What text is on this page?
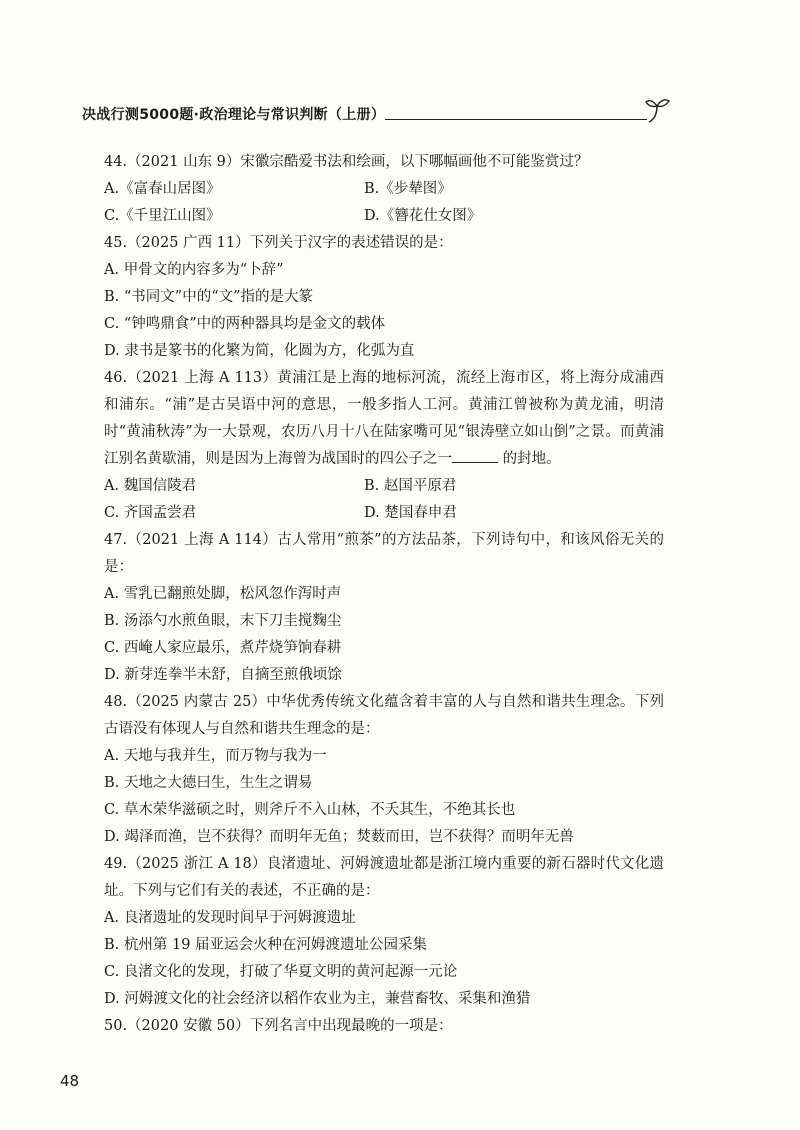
决战行测5000题·政治理论与常识判断（上册）

44.（2021 山东 9）宋徽宗酷爱书法和绘画，以下哪幅画他不可能鉴赏过？

A.《富春山居图》	B.《步辇图》
C.《千里江山图》	D.《簪花仕女图》

45.（2025 广西 11）下列关于汉字的表述错误的是：

A. 甲骨文的内容多为“卜辞”

B. “书同文”中的“文”指的是大篆

C. “钟鸣鼎食”中的两种器具均是金文的载体

D. 隶书是篆书的化繁为简，化圆为方，化弧为直

46.（2021 上海 A 113）黄浦江是上海的地标河流，流经上海市区，将上海分成浦西和浦东。“浦”是古吴语中河的意思，一般多指人工河。黄浦江曾被称为黄龙浦，明清时“黄浦秋涛”为一大景观，农历八月十八在陆家嘴可见“银涛壁立如山倒”之景。而黄浦江别名黄歇浦，则是因为上海曾为战国时的四公子之一	的封地。

A. 魏国信陵君	B. 赵国平原君
C. 齐国孟尝君	D. 楚国春申君

47.（2021 上海 A 114）古人常用“煎茶”的方法品茶，下列诗句中，和该风俗无关的是：

A. 雪乳已翻煎处脚，松风忽作泻时声

B. 汤添勺水煎鱼眼，末下刀圭搅麴尘

C. 西崦人家应最乐，煮芹烧笋饷春耕

D. 新芽连拳半未舒，自摘至煎俄顷馀

48.（2025 内蒙古 25）中华优秀传统文化蕴含着丰富的人与自然和谐共生理念。下列古语没有体现人与自然和谐共生理念的是：

A. 天地与我并生，而万物与我为一

B. 天地之大德曰生，生生之谓易

C. 草木荣华滋硕之时，则斧斤不入山林，不夭其生，不绝其长也

D. 竭泽而渔，岂不获得？而明年无鱼；焚薮而田，岂不获得？而明年无兽

49.（2025 浙江 A 18）良渚遗址、河姆渡遗址都是浙江境内重要的新石器时代文化遗址。下列与它们有关的表述，不正确的是：

A. 良渚遗址的发现时间早于河姆渡遗址

B. 杭州第 19 届亚运会火种在河姆渡遗址公园采集

C. 良渚文化的发现，打破了华夏文明的黄河起源一元论

D. 河姆渡文化的社会经济以稻作农业为主，兼营畜牧、采集和渔猎

50.（2020 安徽 50）下列名言中出现最晚的一项是：

48
